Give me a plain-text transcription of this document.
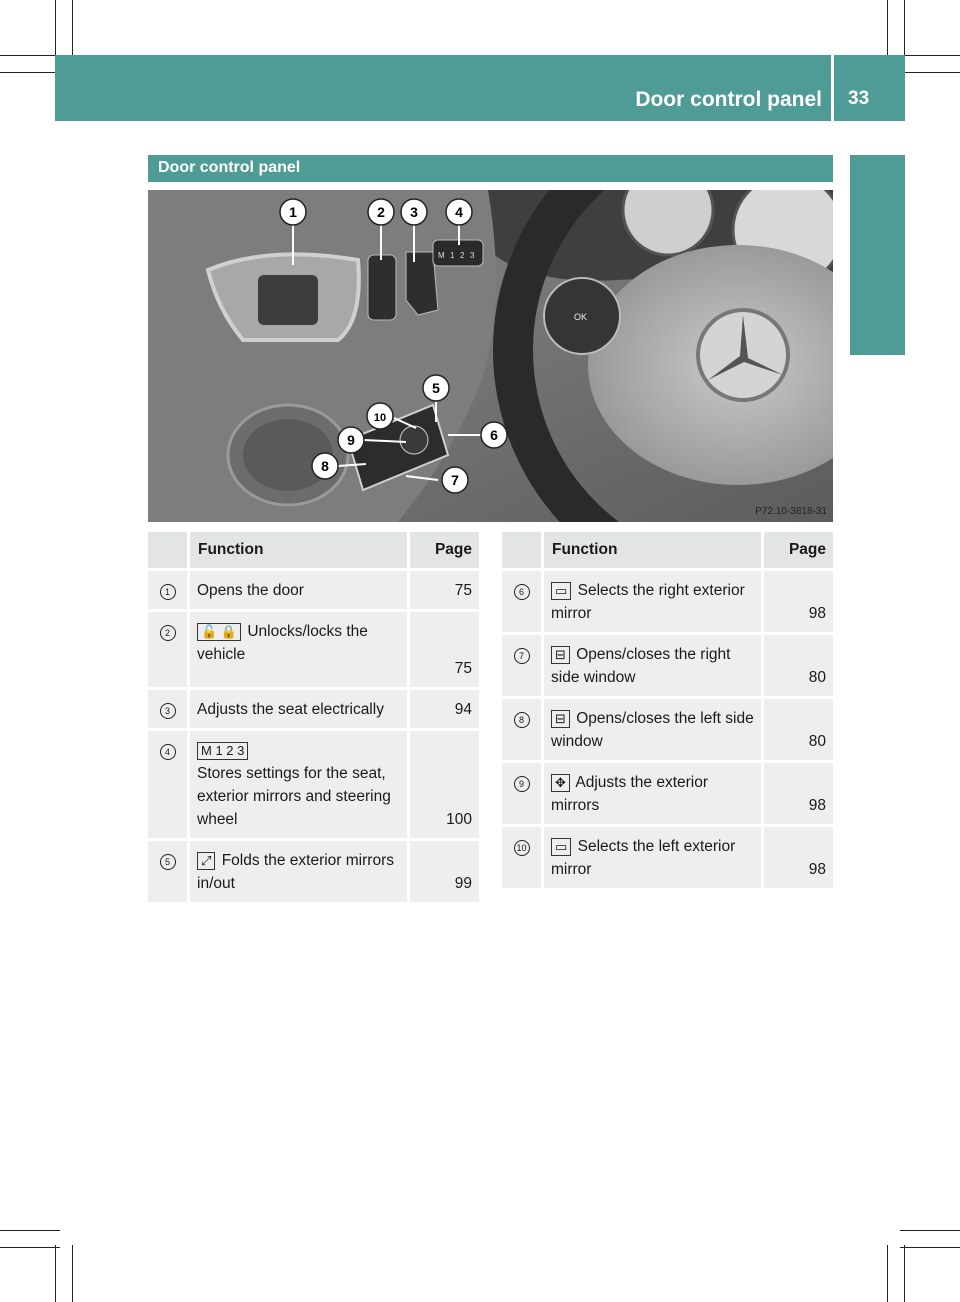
Door control panel 33
At a glance
Door control panel
M 1 2 3
OK
1	2 3	4
5
6
7
8
9
10
P72.10-3818-31
	Function	Page
1	Opens the door	75
2	🔓 🔒 Unlocks/locks the vehicle	75
3	Adjusts the seat electrically	94
4	M 1 2 3
Stores settings for the seat, exterior mirrors and steering wheel	100
5	⤢ Folds the exterior mirrors in/out	99
	Function	Page
6	▭ Selects the right exterior mirror	98
7	⊟ Opens/closes the right side window	80
8	⊟ Opens/closes the left side window	80
9	✥ Adjusts the exterior mirrors	98
10	▭ Selects the left exterior mirror	98
